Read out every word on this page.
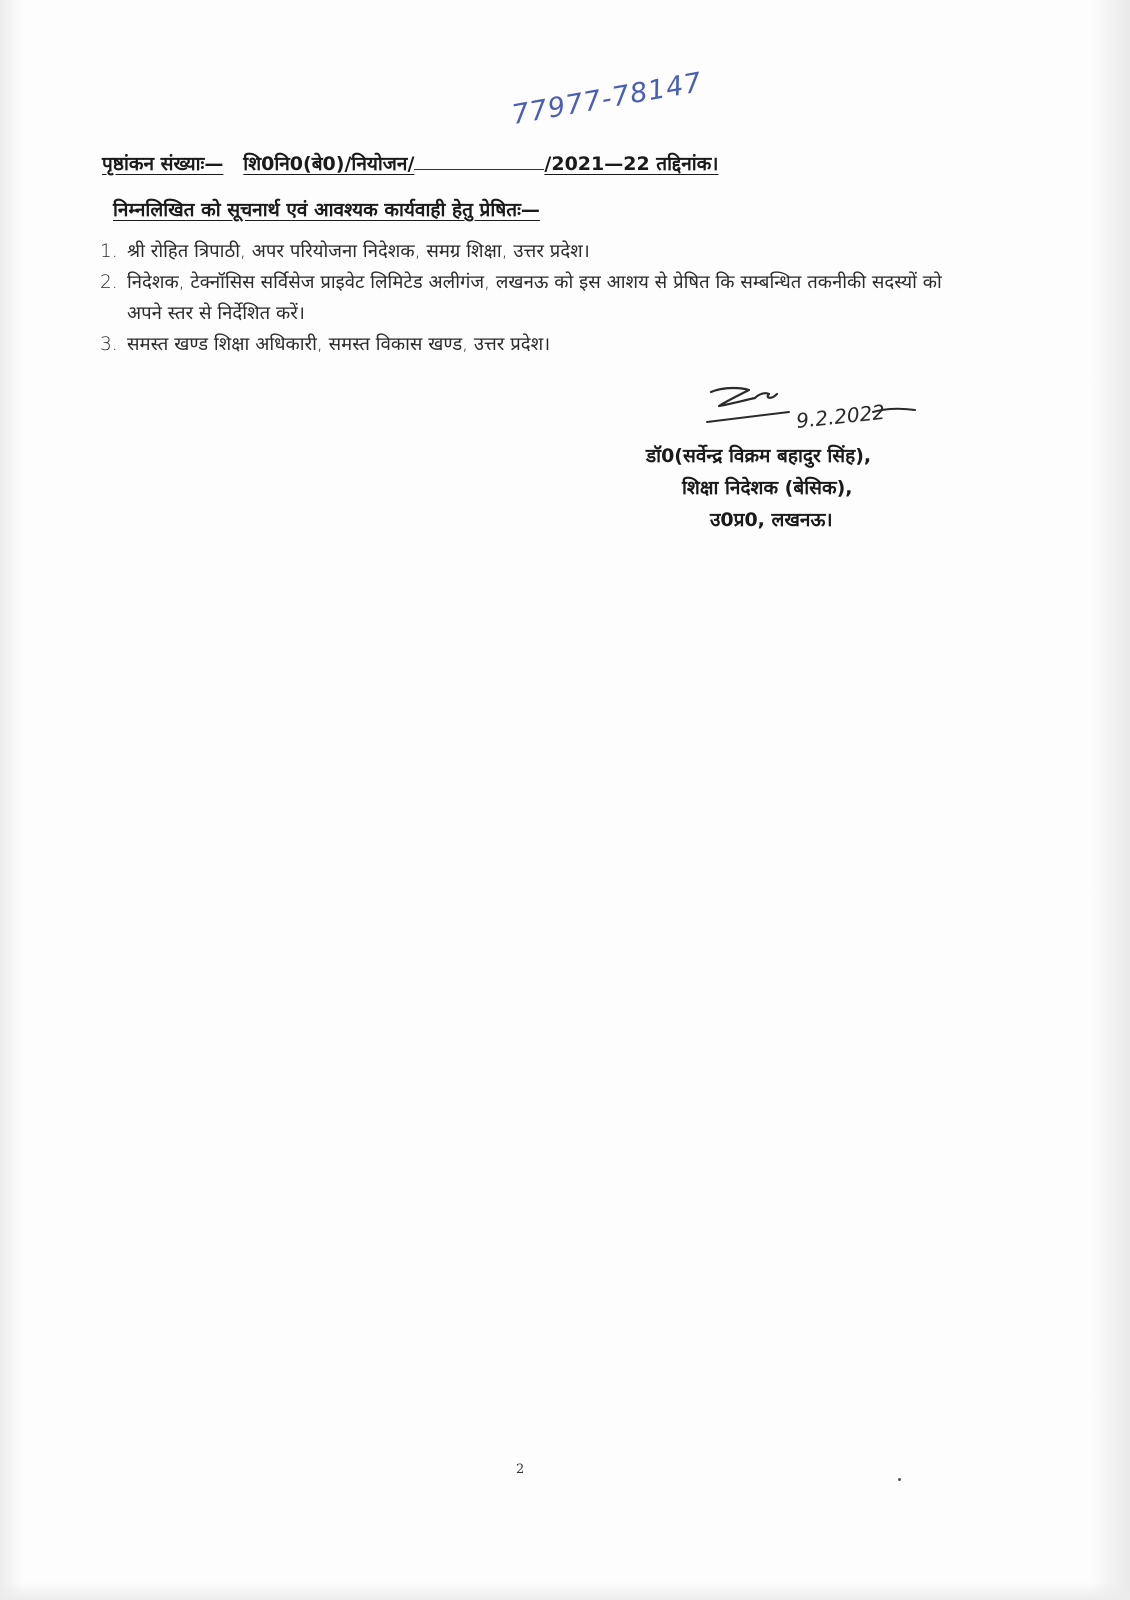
77977-78147
पृष्ठांकन संख्याः— शि0नि0(बे0)/नियोजन/	/2021—22 तद्दिनांक।
निम्नलिखित को सूचनार्थ एवं आवश्यक कार्यवाही हेतु प्रेषितः—
1. श्री रोहित त्रिपाठी, अपर परियोजना निदेशक, समग्र शिक्षा, उत्तर प्रदेश।
2. निदेशक, टेक्नॉसिस सर्विसेज प्राइवेट लिमिटेड अलीगंज, लखनऊ को इस आशय से प्रेषित कि सम्बन्धित तकनीकी सदस्यों को अपने स्तर से निर्देशित करें।
3. समस्त खण्ड शिक्षा अधिकारी, समस्त विकास खण्ड, उत्तर प्रदेश।
9.2.2022
डॉ0(सर्वेन्द्र विक्रम बहादुर सिंह),
शिक्षा निदेशक (बेसिक),
उ0प्र0, लखनऊ।
2
